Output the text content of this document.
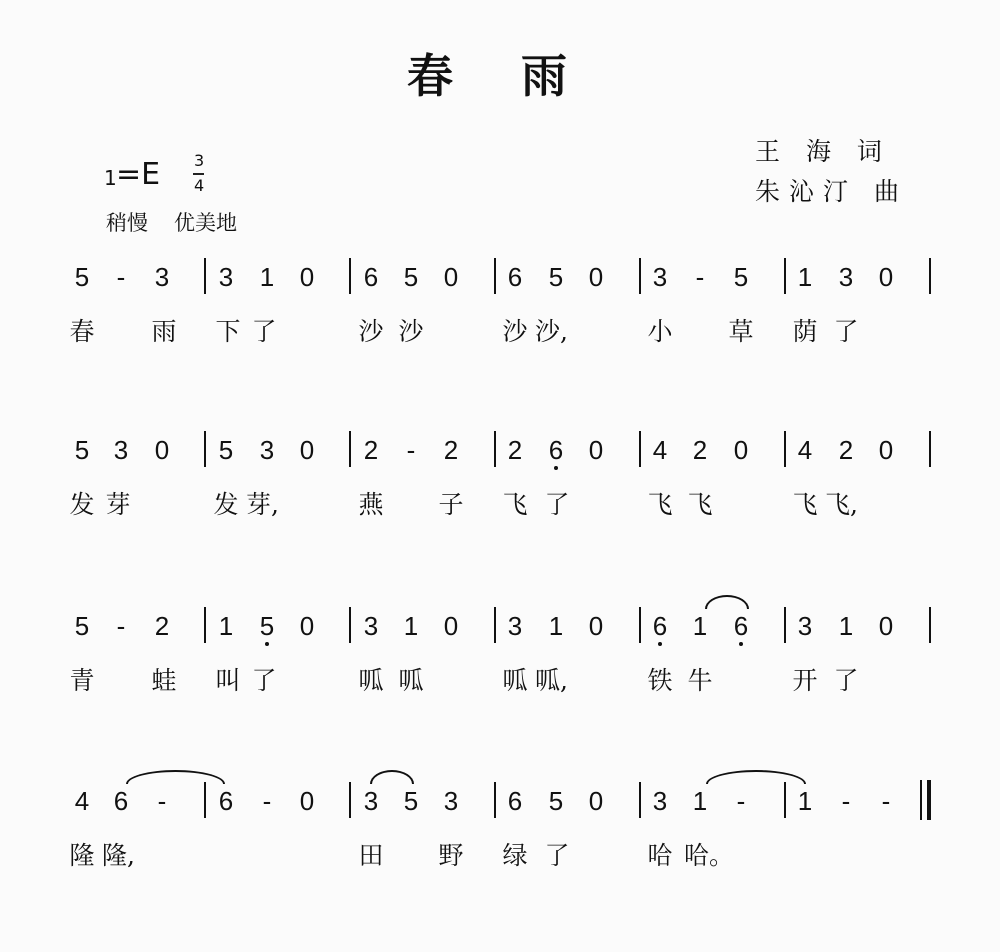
春 雨
王 海 词
朱沁汀 曲
1 =E 3
4
稍慢 优美地
5 - 3 3 1 0 6 5 0 6 5 0 3 - 5 1 3 0
春 雨 下 了	沙 沙	沙 沙,	小 草 荫 了
5 3 0 5 3 0 2 - 2 2 6 0 4 2 0 4 2 0
发 芽	发 芽,	燕 子 飞 了	飞 飞	飞 飞,
5 - 2 1 5 0 3 1 0 3 1 0 6 1 6 3 1 0
青 蛙 叫 了	呱 呱	呱 呱,	铁 牛	开 了
4 6 - 6 - 0 3 5 3 6 5 0 3 1 - 1 - -
隆 隆,	田 野 绿 了	哈 哈。
